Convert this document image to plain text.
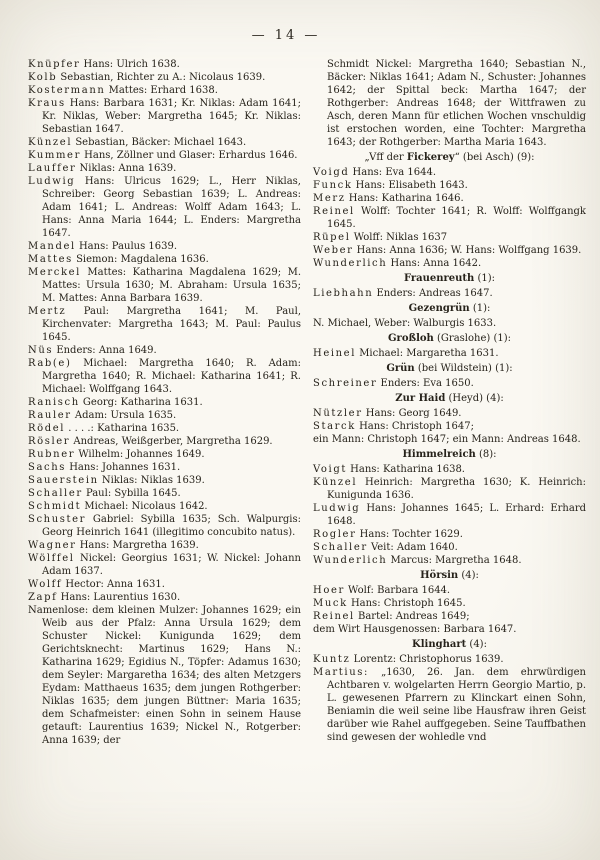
— 14 —
Knüpfer Hans: Ulrich 1638.
Kolb Sebastian, Richter zu A.: Nicolaus 1639.
Kostermann Mattes: Erhard 1638.
Kraus Hans: Barbara 1631; Kr. Niklas: Adam 1641; Kr. Niklas, Weber: Margretha 1645; Kr. Niklas: Sebastian 1647.
Künzel Sebastian, Bäcker: Michael 1643.
Kummer Hans, Zöllner und Glaser: Erhardus 1646.
Lauffer Niklas: Anna 1639.
Ludwig Hans: Ulricus 1629; L., Herr Niklas, Schreiber: Georg Sebastian 1639; L. Andreas: Adam 1641; L. Andreas: Wolff Adam 1643; L. Hans: Anna Maria 1644; L. Enders: Margretha 1647.
Mandel Hans: Paulus 1639.
Mattes Siemon: Magdalena 1636.
Merckel Mattes: Katharina Magdalena 1629; M. Mattes: Ursula 1630; M. Abraham: Ursula 1635; M. Mattes: Anna Barbara 1639.
Mertz Paul: Margretha 1641; M. Paul, Kirchenvater: Margretha 1643; M. Paul: Paulus 1645.
Nüs Enders: Anna 1649.
Rab(e) Michael: Margretha 1640; R. Adam: Margretha 1640; R. Michael: Katharina 1641; R. Michael: Wolffgang 1643.
Ranisch Georg: Katharina 1631.
Rauler Adam: Ursula 1635.
Rödel . . . .: Katharina 1635.
Rösler Andreas, Weißgerber, Margretha 1629.
Rubner Wilhelm: Johannes 1649.
Sachs Hans: Johannes 1631.
Sauerstein Niklas: Niklas 1639.
Schaller Paul: Sybilla 1645.
Schmidt Michael: Nicolaus 1642.
Schuster Gabriel: Sybilla 1635; Sch. Walpurgis: Georg Heinrich 1641 (illegitimo concubito natus).
Wagner Hans: Margretha 1639.
Wölffel Nickel: Georgius 1631; W. Nickel: Johann Adam 1637.
Wolff Hector: Anna 1631.
Zapf Hans: Laurentius 1630.
Namenlose: dem kleinen Mulzer: Johannes 1629; ein Weib aus der Pfalz: Anna Ursula 1629; dem Schuster Nickel: Kunigunda 1629; dem Gerichtsknecht: Martinus 1629; Hans N.: Katharina 1629; Egidius N., Töpfer: Adamus 1630; dem Seyler: Margaretha 1634; des alten Metzgers Eydam: Matthaeus 1635; dem jungen Rothgerber: Niklas 1635; dem jungen Büttner: Maria 1635; dem Schafmeister: einen Sohn in seinem Hause getauft: Laurentius 1639; Nickel N., Rotgerber: Anna 1639; der
Schmidt Nickel: Margretha 1640; Sebastian N., Bäcker: Niklas 1641; Adam N., Schuster: Johannes 1642; der Spittal beck: Martha 1647; der Rothgerber: Andreas 1648; der Wittfrawen zu Asch, deren Mann für etlichen Wochen vnschuldig ist erstochen worden, eine Tochter: Margretha 1643; der Rothgerber: Martha Maria 1643.
„Vff der Fickerey“ (bei Asch) (9):
Voigd Hans: Eva 1644.
Funck Hans: Elisabeth 1643.
Merz Hans: Katharina 1646.
Reinel Wolff: Tochter 1641; R. Wolff: Wolffgangk 1645.
Rüpel Wolff: Niklas 1637
Weber Hans: Anna 1636; W. Hans: Wolffgang 1639.
Wunderlich Hans: Anna 1642.
Frauenreuth (1):
Liebhahn Enders: Andreas 1647.
Gezengrün (1):
N. Michael, Weber: Walburgis 1633.
Großloh (Graslohe) (1):
Heinel Michael: Margaretha 1631.
Grün (bei Wildstein) (1):
Schreiner Enders: Eva 1650.
Zur Haid (Heyd) (4):
Nützler Hans: Georg 1649.
Starck Hans: Christoph 1647;
ein Mann: Christoph 1647; ein Mann: Andreas 1648.
Himmelreich (8):
Voigt Hans: Katharina 1638.
Künzel Heinrich: Margretha 1630; K. Heinrich: Kunigunda 1636.
Ludwig Hans: Johannes 1645; L. Erhard: Erhard 1648.
Rogler Hans: Tochter 1629.
Schaller Veit: Adam 1640.
Wunderlich Marcus: Margretha 1648.
Hörsin (4):
Hoer Wolf: Barbara 1644.
Muck Hans: Christoph 1645.
Reinel Bartel: Andreas 1649;
dem Wirt Hausgenossen: Barbara 1647.
Klinghart (4):
Kuntz Lorentz: Christophorus 1639.
Martius: „1630, 26. Jan. dem ehrwürdigen Achtbaren v. wolgelarten Herrn Georgio Martio, p. L. gewesenen Pfarrern zu Klinckart einen Sohn, Beniamin die weil seine libe Hausfraw ihren Geist darüber wie Rahel auffgegeben. Seine Tauffbathen sind gewesen der wohledle vnd
